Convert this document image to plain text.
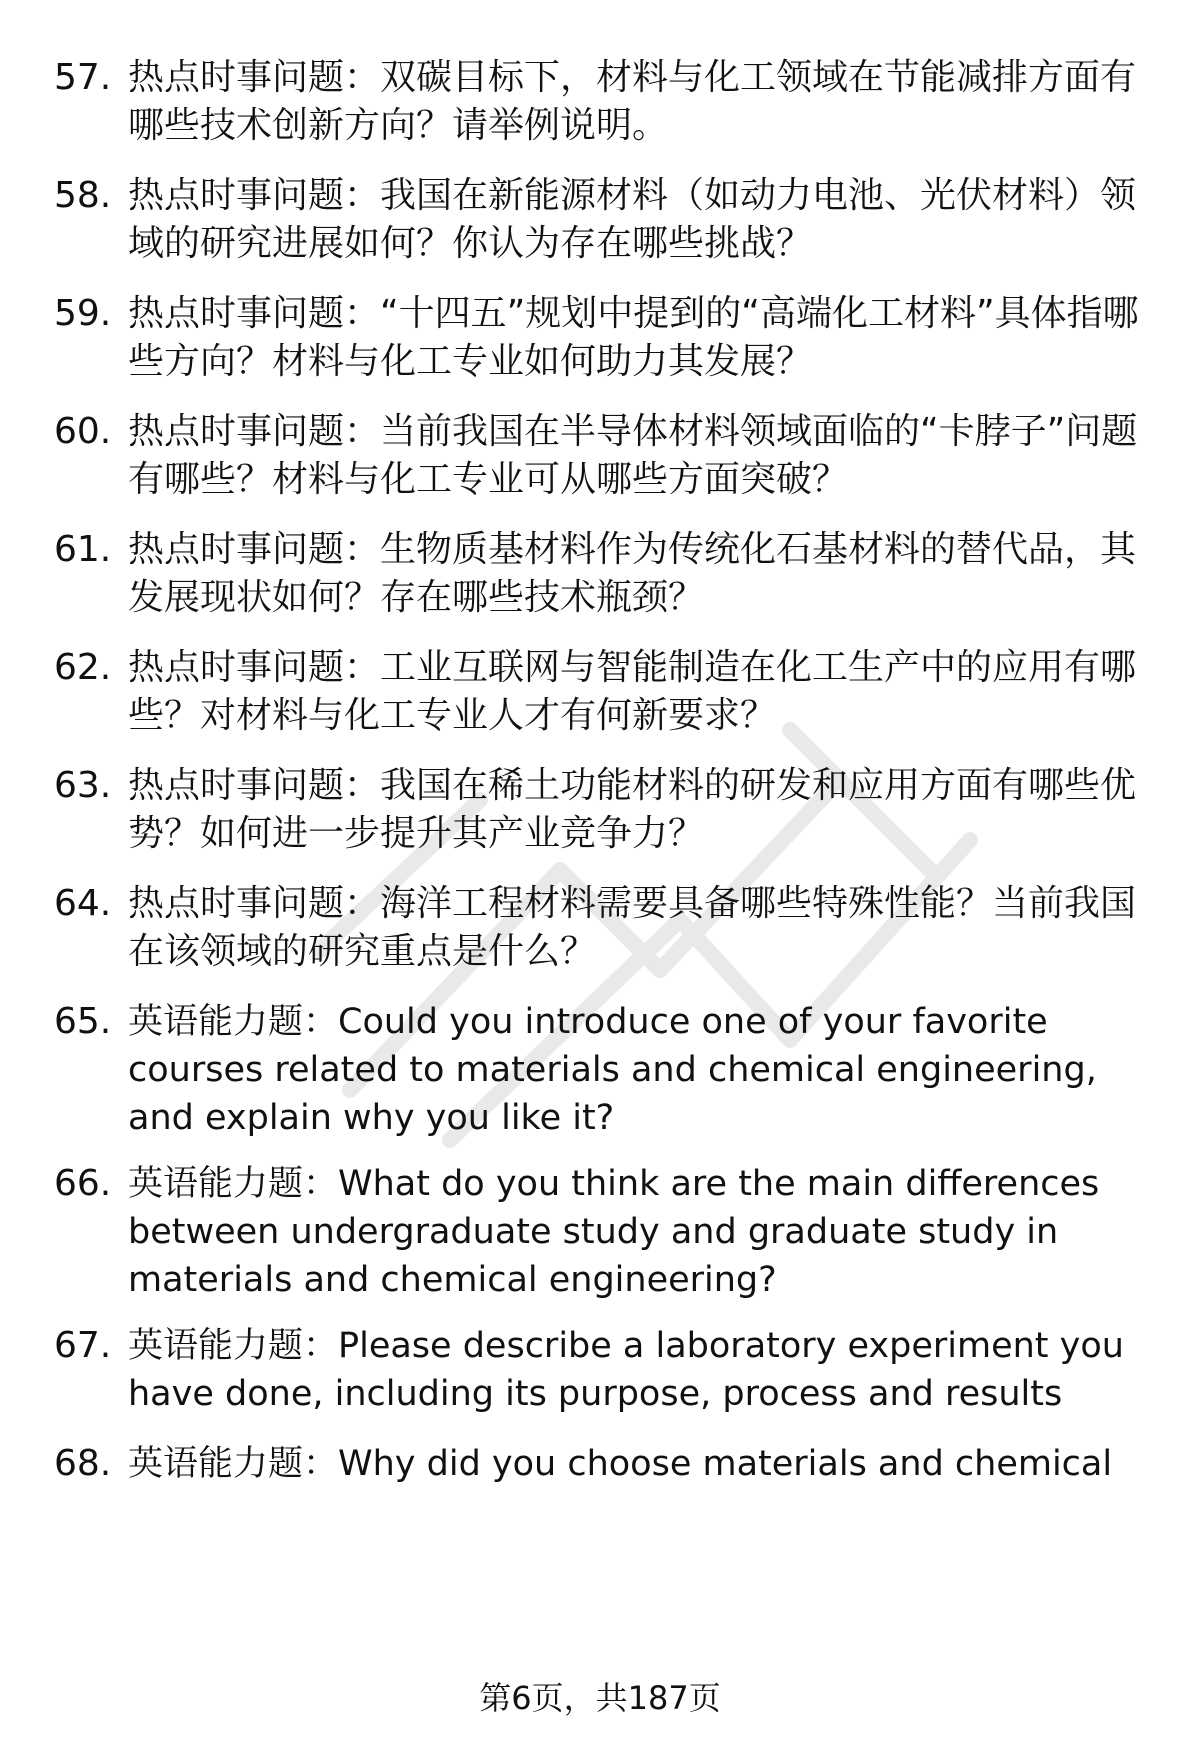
57. 热点时事问题：双碳目标下，材料与化工领域在节能减排方面有哪些技术创新方向？请举例说明。
58. 热点时事问题：我国在新能源材料（如动力电池、光伏材料）领域的研究进展如何？你认为存在哪些挑战？
59. 热点时事问题：“十四五”规划中提到的“高端化工材料”具体指哪些方向？材料与化工专业如何助力其发展？
60. 热点时事问题：当前我国在半导体材料领域面临的“卡脖子”问题有哪些？材料与化工专业可从哪些方面突破？
61. 热点时事问题：生物质基材料作为传统化石基材料的替代品，其发展现状如何？存在哪些技术瓶颈？
62. 热点时事问题：工业互联网与智能制造在化工生产中的应用有哪些？对材料与化工专业人才有何新要求？
63. 热点时事问题：我国在稀土功能材料的研发和应用方面有哪些优势？如何进一步提升其产业竞争力？
64. 热点时事问题：海洋工程材料需要具备哪些特殊性能？当前我国在该领域的研究重点是什么？
65. 英语能力题：Could you introduce one of your favorite courses related to materials and chemical engineering, and explain why you like it?
66. 英语能力题：What do you think are the main differences between undergraduate study and graduate study in materials and chemical engineering?
67. 英语能力题：Please describe a laboratory experiment you have done, including its purpose, process and results
68. 英语能力题：Why did you choose materials and chemical
第6页，共187页
